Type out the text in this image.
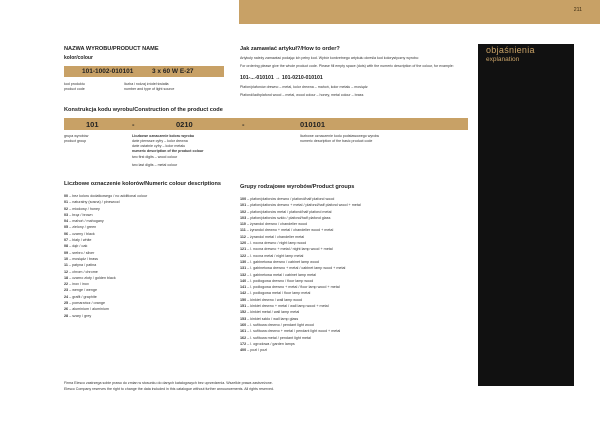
211
objaśnienia
explanation
NAZWA WYROBU/PRODUCT NAME
kolor/colour
101-1002-010101	3 x 60 W E-27
kod produktu
product code
liczba i rodzaj źródeł światła
number and type of light source
Jak zamawiać artykuł?/How to order?
Artykuły należy zamawiać podając ich pełny kod. Wybór konkretnego artykułu określa kod kolorystyczny wyrobu:
For ordering please give the whole product code. Please fill empty space (dots) with the numeric description of the colour, for example:
101-...-010101 → 101-0210-010101
Plafon/plafonów drewno – metal, kolor drewna – mahoń, kolor metalu – mosiądz
Plafond/ladhplafond wood – metal, wood colour – honey, metal colour – brass
Konstrukcja kodu wyrobu/Construction of the product code
101	-	0210	-	010101
grupa wyrobów
product group
Liczbowe oznaczenie koloru wyrobu
dwie pierwsze cyfry – kolor drewna
dwie ostatnie cyfry – kolor metalu
numeric description of the product colour
two first digits – wood colour
two last digits – metal colour
liczbowe oznaczenie kodu podstawowego wyrobu
numeric description of the basic product code
Liczbowe oznaczenie kolorów/Numeric colour descriptions
00 – bez koloru dodatkowego / no additional colour
01 – naturalny (sosna) / pinewood
02 – miodowy / honey
03 – brąz / brown
04 – mahoń / mahogany
05 – zielony / green
06 – czarny / black
07 – biały / white
08 – dąb / oak
09 – srebro / silver
10 – mosiądz / brass
11 – patyna / patina
12 – chrom / chrome
18 – czarno złoty / golden black
22 – inox / inox
23 – wenge / wenge
24 – grafit / graphite
25 – pomarańcz / orange
26 – aluminium / aluminium
28 – szary / grey
Grupy rodzajowe wyrobów/Product groups
100 – plafon/plafonów drewno / plafond/half plafond wood
101 – plafon/plafonów drewno + metal / plafond/half plafond wood + metal
102 – plafon/plafonów metal / plafond/half plafond metal
103 – plafon/plafonów szkło / plafond/half plafond glass
110 – żyrandol drewno / chandelier wood
111 – żyrandol drewno + metal / chandelier wood + metal
112 – żyrandol metal / chandelier metal
120 – l. nocna drewno / night lamp wood
121 – l. nocna drewno + metal / night lamp wood + metal
122 – l. nocna metal / night lamp metal
130 – l. gabinetowa drewno / cabinet lamp wood
131 – l. gabinetowa drewno + metal / cabinet lamp wood + metal
132 – l. gabinetowa metal / cabinet lamp metal
140 – l. podłogowa drewno / floor lamp wood
141 – l. podłogowa drewno + metal / floor lamp wood + metal
142 – l. podłogowa metal / floor lamp metal
150 – kinkiet drewno / wall lamp wood
151 – kinkiet drewno + metal / wall lamp wood + metal
152 – kinkiet metal / wall lamp metal
153 – kinkiet szkło / wall lamp glass
160 – l. sufitowa drewno / pendant light wood
161 – l. sufitowa drewno + metal / pendant light wood + metal
162 – l. sufitowa metal / pendant light metal
172 – l. ogrodowa / garden lamps
400 – pozł / pozł
Firma Elesco zastrzega sobie prawo do zmian w stosunku do danych katalogowych bez uprzedzenia. Wszelkie prawa zastrzeżone.
Elesco Company reserves the right to change the data included in this catalogue without further announcements. All rights reserved.
